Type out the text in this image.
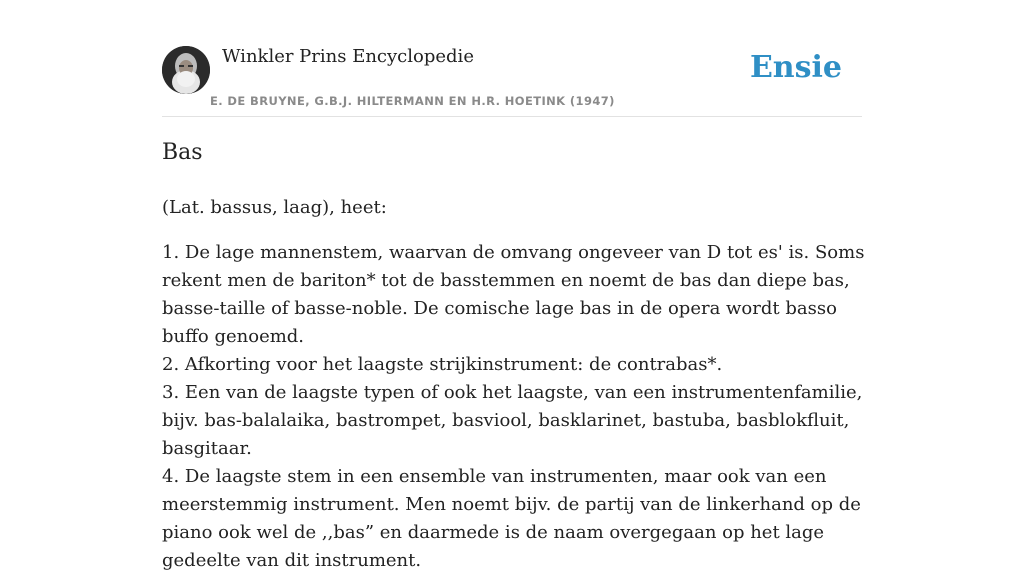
Winkler Prins Encyclopedie
E. DE BRUYNE, G.B.J. HILTERMANN EN H.R. HOETINK (1947)
Ensie
Bas

(Lat. bassus, laag), heet:

1. De lage mannenstem, waarvan de omvang ongeveer van D tot es' is. Soms rekent men de bariton* tot de basstemmen en noemt de bas dan diepe bas, basse-taille of basse-noble. De comische lage bas in de opera wordt basso buffo genoemd.

2. Afkorting voor het laagste strijkinstrument: de contrabas*.

3. Een van de laagste typen of ook het laagste, van een instrumentenfamilie, bijv. bas-balalaika, bastrompet, basviool, basklarinet, bastuba, basblokfluit, basgitaar.

4. De laagste stem in een ensemble van instrumenten, maar ook van een meerstemmig instrument. Men noemt bijv. de partij van de linkerhand op de piano ook wel de ,,bas” en daarmede is de naam overgegaan op het lage gedeelte van dit instrument.
